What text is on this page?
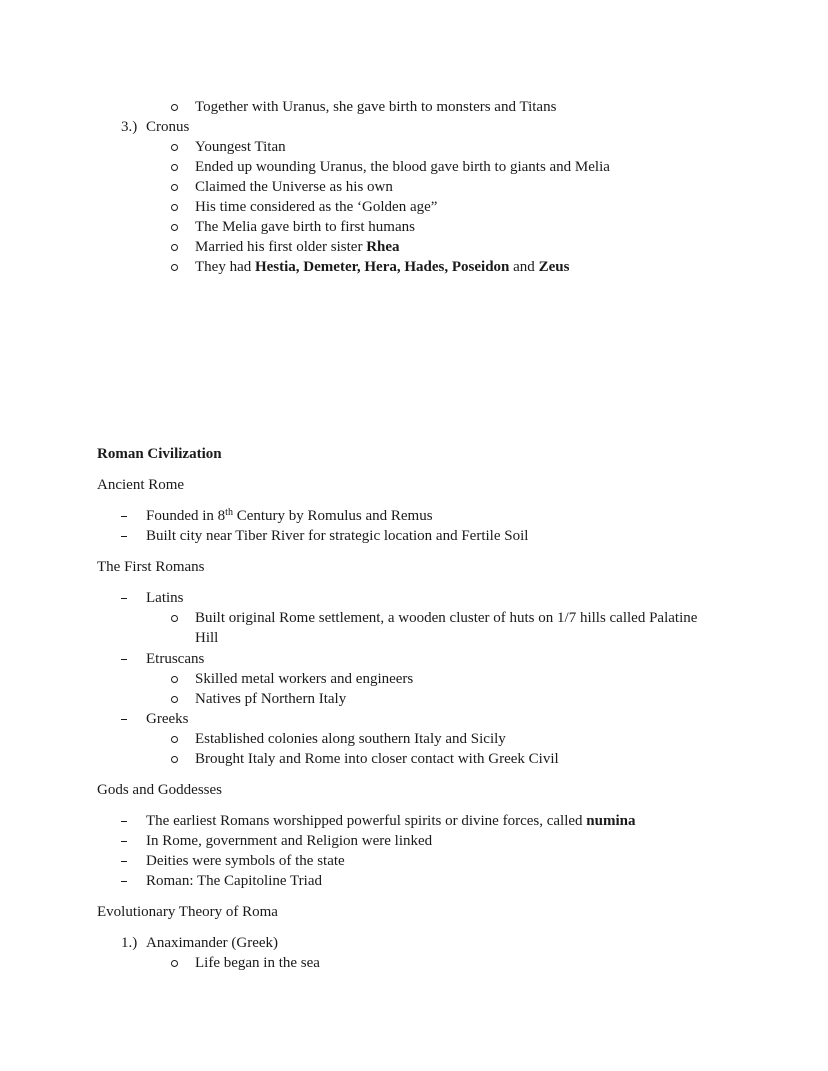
Together with Uranus, she gave birth to monsters and Titans
3.) Cronus
Youngest Titan
Ended up wounding Uranus, the blood gave birth to giants and Melia
Claimed the Universe as his own
His time considered as the ‘Golden age”
The Melia gave birth to first humans
Married his first older sister Rhea
They had Hestia, Demeter, Hera, Hades, Poseidon and Zeus
Roman Civilization
Ancient Rome
Founded in 8th Century by Romulus and Remus
Built city near Tiber River for strategic location and Fertile Soil
The First Romans
Latins
Built original Rome settlement, a wooden cluster of huts on 1/7 hills called Palatine
Hill
Etruscans
Skilled metal workers and engineers
Natives pf Northern Italy
Greeks
Established colonies along southern Italy and Sicily
Brought Italy and Rome into closer contact with Greek Civil
Gods and Goddesses
The earliest Romans worshipped powerful spirits or divine forces, called numina
In Rome, government and Religion were linked
Deities were symbols of the state
Roman: The Capitoline Triad
Evolutionary Theory of Roma
1.) Anaximander (Greek)
Life began in the sea
